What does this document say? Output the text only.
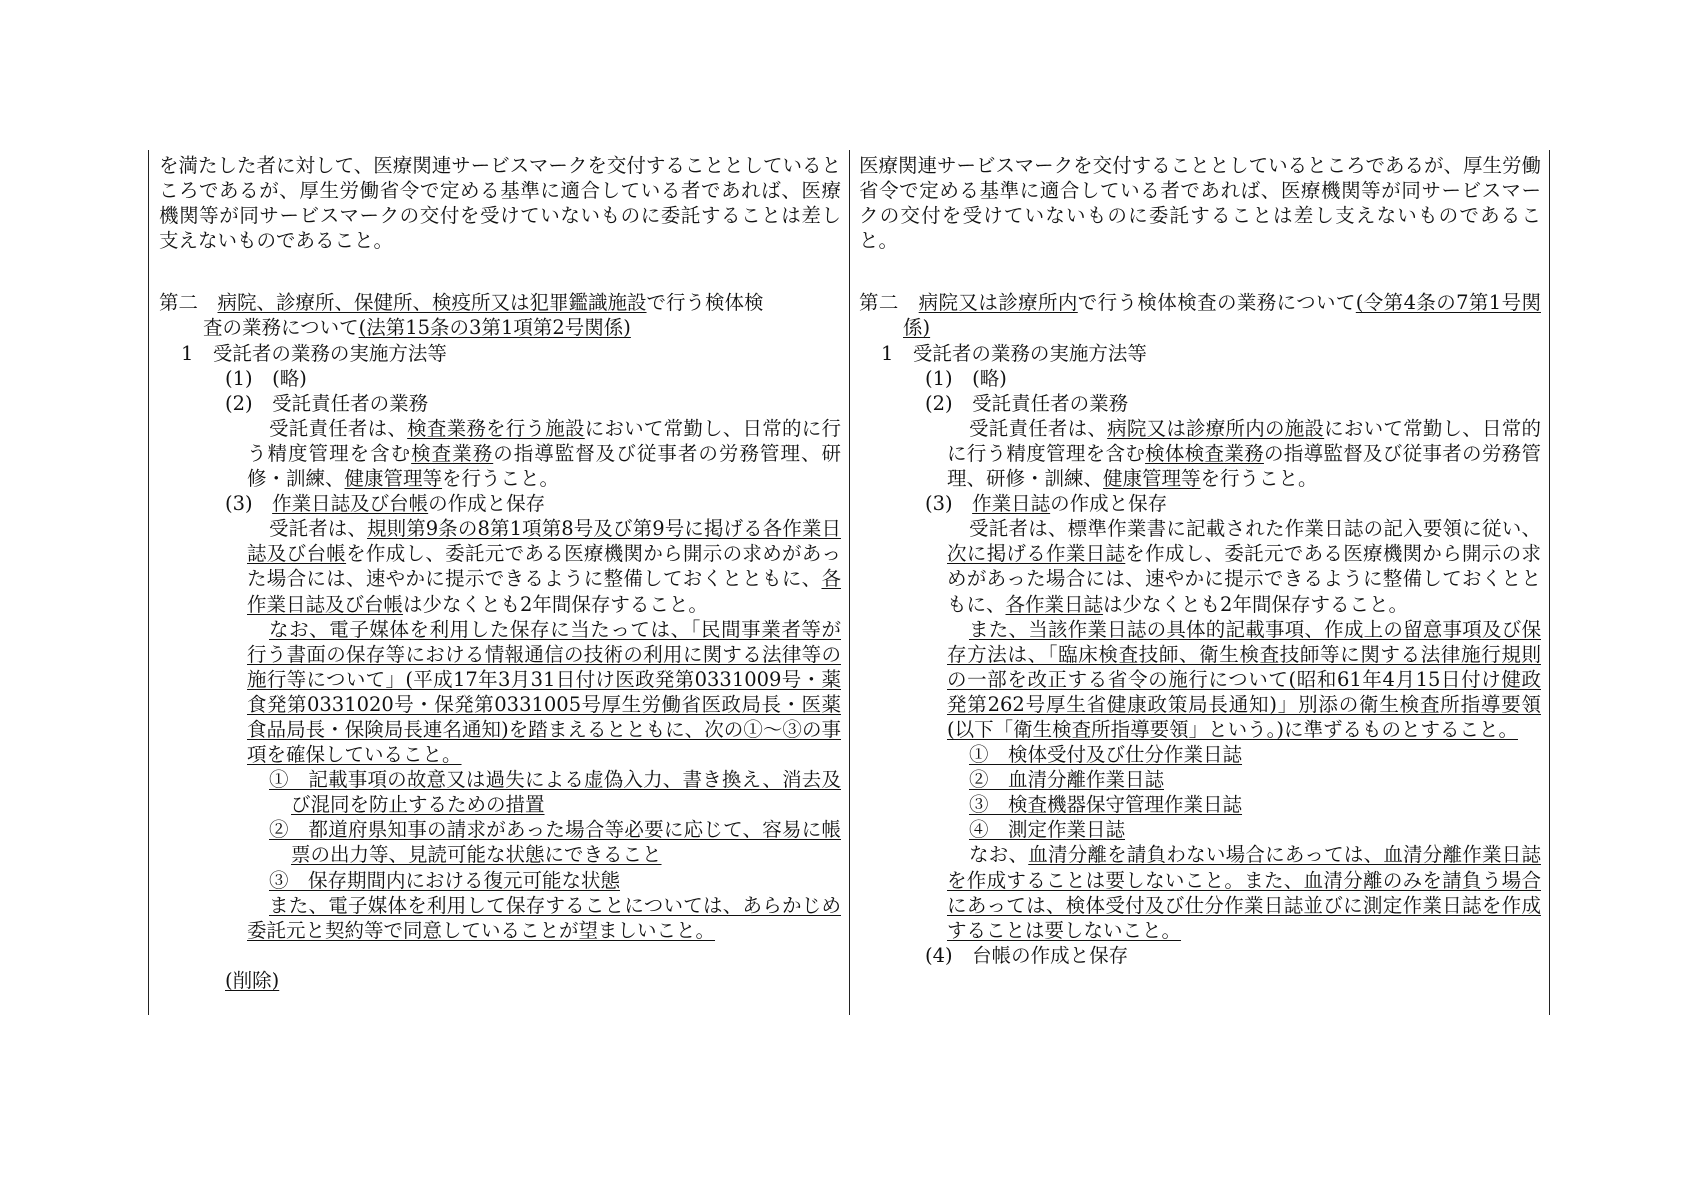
を満たした者に対して、医療関連サービスマークを交付することとしているところであるが、厚生労働省令で定める基準に適合している者であれば、医療機関等が同サービスマークの交付を受けていないものに委託することは差し支えないものであること。

第二　病院、診療所、保健所、検疫所又は犯罪鑑識施設で行う検体検
査の業務について(法第15条の3第1項第2号関係)

1　受託者の業務の実施方法等

(1)　(略)

(2)　受託責任者の業務

受託責任者は、検査業務を行う施設において常勤し、日常的に行う精度管理を含む検査業務の指導監督及び従事者の労務管理、研修・訓練、健康管理等を行うこと。

(3)　作業日誌及び台帳の作成と保存

受託者は、規則第9条の8第1項第8号及び第9号に掲げる各作業日誌及び台帳を作成し、委託元である医療機関から開示の求めがあった場合には、速やかに提示できるように整備しておくとともに、各作業日誌及び台帳は少なくとも2年間保存すること。

なお、電子媒体を利用した保存に当たっては、「民間事業者等が行う書面の保存等における情報通信の技術の利用に関する法律等の施行等について」(平成17年3月31日付け医政発第0331009号・薬食発第0331020号・保発第0331005号厚生労働省医政局長・医薬食品局長・保険局長連名通知)を踏まえるとともに、次の①～③の事項を確保していること。

①　記載事項の故意又は過失による虚偽入力、書き換え、消去及び混同を防止するための措置

②　都道府県知事の請求があった場合等必要に応じて、容易に帳票の出力等、見読可能な状態にできること

③　保存期間内における復元可能な状態

また、電子媒体を利用して保存することについては、あらかじめ委託元と契約等で同意していることが望ましいこと。

(削除)

医療関連サービスマークを交付することとしているところであるが、厚生労働省令で定める基準に適合している者であれば、医療機関等が同サービスマークの交付を受けていないものに委託することは差し支えないものであること。

第二　病院又は診療所内で行う検体検査の業務について(令第4条の7第1号関係)

1　受託者の業務の実施方法等

(1)　(略)

(2)　受託責任者の業務

受託責任者は、病院又は診療所内の施設において常勤し、日常的に行う精度管理を含む検体検査業務の指導監督及び従事者の労務管理、研修・訓練、健康管理等を行うこと。

(3)　作業日誌の作成と保存

受託者は、標準作業書に記載された作業日誌の記入要領に従い、次に掲げる作業日誌を作成し、委託元である医療機関から開示の求めがあった場合には、速やかに提示できるように整備しておくとともに、各作業日誌は少なくとも2年間保存すること。

また、当該作業日誌の具体的記載事項、作成上の留意事項及び保存方法は、「臨床検査技師、衛生検査技師等に関する法律施行規則の一部を改正する省令の施行について(昭和61年4月15日付け健政発第262号厚生省健康政策局長通知)」別添の衛生検査所指導要領(以下「衛生検査所指導要領」という。)に準ずるものとすること。

①　検体受付及び仕分作業日誌

②　血清分離作業日誌

③　検査機器保守管理作業日誌

④　測定作業日誌

なお、血清分離を請負わない場合にあっては、血清分離作業日誌を作成することは要しないこと。また、血清分離のみを請負う場合にあっては、検体受付及び仕分作業日誌並びに測定作業日誌を作成することは要しないこと。

(4)　台帳の作成と保存
